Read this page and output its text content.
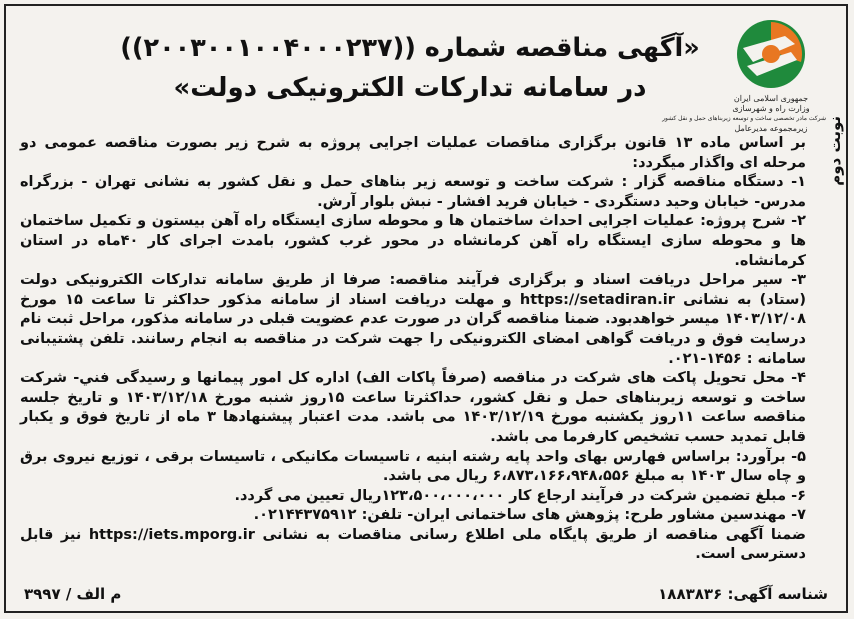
جمهوری اسلامی ایران
وزارت راه و شهرسازی
شرکت مادر تخصصی ساخت و توسعه زیربناهای حمل و نقل کشور
زیرمجموعه مدیرعامل	نوبت دوم
«آگهی مناقصه شماره ((۲۰۰۳۰۰۱۰۰۴۰۰۰۲۳۷))
در سامانه تدارکات الکترونیکی دولت»

بر اساس ماده ۱۳ قانون برگزاری مناقصات عملیات اجرایی پروژه به شرح زیر بصورت مناقصه عمومی دو مرحله ای واگذار میگردد:

۱- دستگاه مناقصه گزار : شرکت ساخت و توسعه زیر بناهای حمل و نقل کشور به نشانی تهران - بزرگراه مدرس- خیابان وحید دستگردی - خیابان فرید افشار - نبش بلوار آرش.

۲- شرح پروژه: عملیات اجرایی احداث ساختمان ها و محوطه سازی ایستگاه راه آهن بیستون و تکمیل ساختمان ها و محوطه سازی ایستگاه راه آهن کرمانشاه در محور غرب کشور، بامدت اجرای کار ۴۰ماه در استان کرمانشاه.

۳- سیر مراحل دریافت اسناد و برگزاری فرآیند مناقصه: صرفا از طریق سامانه تدارکات الکترونیکی دولت (ستاد) به نشانی https://setadiran.ir و مهلت دریافت اسناد از سامانه مذکور حداکثر تا ساعت ۱۵ مورخ ۱۴۰۳/۱۲/۰۸ میسر خواهدبود. ضمنا مناقصه گران در صورت عدم عضویت قبلی در سامانه مذکور، مراحل ثبت نام درسایت فوق و دریافت گواهی امضای الکترونیکی را جهت شرکت در مناقصه به انجام رسانند. تلفن پشتیبانی سامانه : ۱۴۵۶-۰۲۱.

۴- محل تحویل پاکت های شرکت در مناقصه (صرفاً پاکات الف) اداره کل امور پیمانها و رسیدگی فني- شرکت ساخت و توسعه زیربناهای حمل و نقل کشور، حداکثرتا ساعت ۱۵روز شنبه مورخ ۱۴۰۳/۱۲/۱۸ و تاریخ جلسه مناقصه ساعت ۱۱روز یکشنبه مورخ ۱۴۰۳/۱۲/۱۹ می باشد. مدت اعتبار پیشنهادها ۳ ماه از تاریخ فوق و یکبار قابل تمدید حسب تشخیص کارفرما می باشد.

۵- برآورد: براساس فهارس بهای واحد پایه رشته ابنیه ، تاسیسات مکانیکی ، تاسیسات برقی ، توزیع نیروی برق و چاه سال ۱۴۰۳ به مبلغ ۶،۸۷۳،۱۶۶،۹۴۸،۵۵۶ ریال می باشد.

۶- مبلغ تضمین شرکت در فرآیند ارجاع کار ۱۲۳،۵۰۰،۰۰۰،۰۰۰ریال تعیین می گردد.

۷- مهندسین مشاور طرح: پژوهش های ساختمانی ایران- تلفن: ۰۲۱۴۴۳۷۵۹۱۲.

ضمنا آگهی مناقصه از طریق پایگاه ملی اطلاع رسانی مناقصات به نشانی https://iets.mporg.ir نیز قابل دسترسی است.

شناسه آگهی: ۱۸۸۳۸۳۶
م الف / ۳۹۹۷
